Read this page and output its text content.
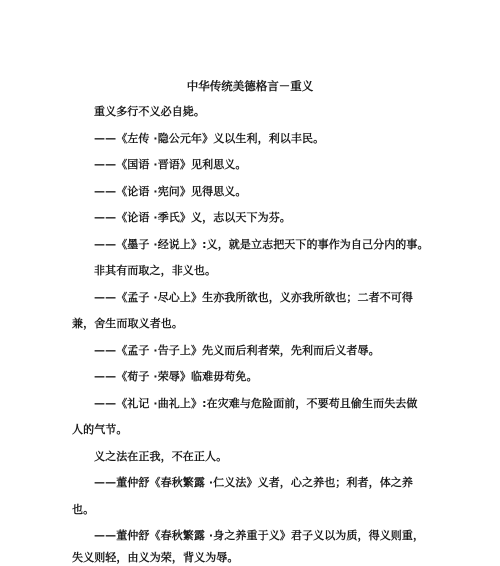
中华传统美德格言－重义
重义多行不义必自毙。
——《左传 ·隐公元年》义以生利，利以丰民。
——《国语 ·晋语》见利思义。
——《论语 ·宪问》见得思义。
——《论语 ·季氏》义，志以天下为芬。
——《墨子 ·经说上》:义，就是立志把天下的事作为自己分内的事。
非其有而取之，非义也。
——《孟子 ·尽心上》生亦我所欲也，义亦我所欲也；二者不可得
兼，舍生而取义者也。
——《孟子 ·告子上》先义而后利者荣，先利而后义者辱。
——《荀子 ·荣辱》临难毋苟免。
——《礼记 ·曲礼上》:在灾难与危险面前，不要苟且偷生而失去做
人的气节。
义之法在正我，不在正人。
——董仲舒《春秋繁露 ·仁义法》义者，心之养也；利者，体之养
也。
——董仲舒《春秋繁露 ·身之养重于义》君子义以为质，得义则重，
失义则轻，由义为荣，背义为辱。
